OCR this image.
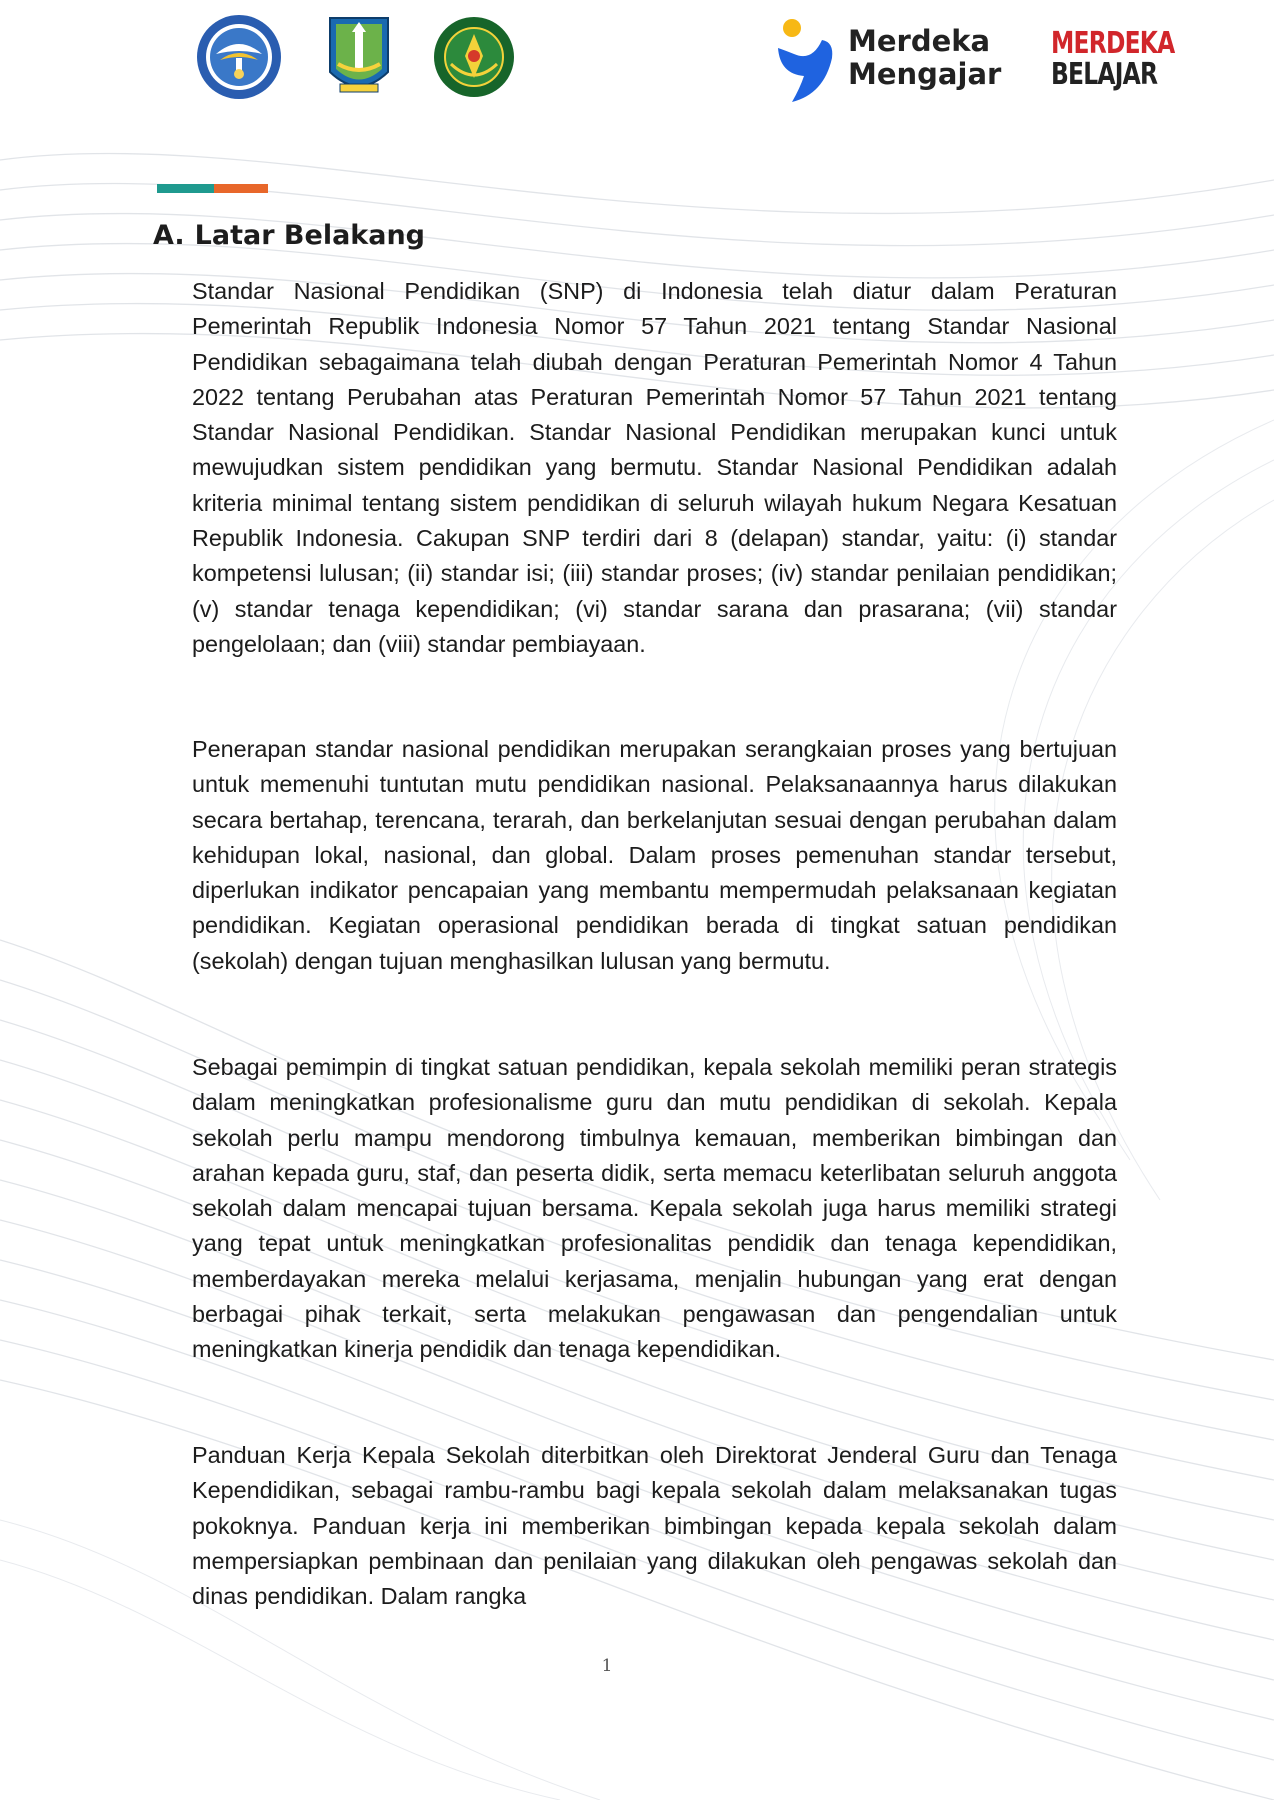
Merdeka
Mengajar
MERDEKA
BELAJAR
A. Latar Belakang

Standar Nasional Pendidikan (SNP) di Indonesia telah diatur dalam Peraturan Pemerintah Republik Indonesia Nomor 57 Tahun 2021 tentang Standar Nasional Pendidikan sebagaimana telah diubah dengan Peraturan Pemerintah Nomor 4 Tahun 2022 tentang Perubahan atas Peraturan Pemerintah Nomor 57 Tahun 2021 tentang Standar Nasional Pendidikan. Standar Nasional Pendidikan merupakan kunci untuk mewujudkan sistem pendidikan yang bermutu. Standar Nasional Pendidikan adalah kriteria minimal tentang sistem pendidikan di seluruh wilayah hukum Negara Kesatuan Republik Indonesia. Cakupan SNP terdiri dari 8 (delapan) standar, yaitu: (i) standar kompetensi lulusan; (ii) standar isi; (iii) standar proses; (iv) standar penilaian pendidikan; (v) standar tenaga kependidikan; (vi) standar sarana dan prasarana; (vii) standar pengelolaan; dan (viii) standar pembiayaan.

Penerapan standar nasional pendidikan merupakan serangkaian proses yang bertujuan untuk memenuhi tuntutan mutu pendidikan nasional. Pelaksanaannya harus dilakukan secara bertahap, terencana, terarah, dan berkelanjutan sesuai dengan perubahan dalam kehidupan lokal, nasional, dan global. Dalam proses pemenuhan standar tersebut, diperlukan indikator pencapaian yang membantu mempermudah pelaksanaan kegiatan pendidikan. Kegiatan operasional pendidikan berada di tingkat satuan pendidikan (sekolah) dengan tujuan menghasilkan lulusan yang bermutu.

Sebagai pemimpin di tingkat satuan pendidikan, kepala sekolah memiliki peran strategis dalam meningkatkan profesionalisme guru dan mutu pendidikan di sekolah. Kepala sekolah perlu mampu mendorong timbulnya kemauan, memberikan bimbingan dan arahan kepada guru, staf, dan peserta didik, serta memacu keterlibatan seluruh anggota sekolah dalam mencapai tujuan bersama. Kepala sekolah juga harus memiliki strategi yang tepat untuk meningkatkan profesionalitas pendidik dan tenaga kependidikan, memberdayakan mereka melalui kerjasama, menjalin hubungan yang erat dengan berbagai pihak terkait, serta melakukan pengawasan dan pengendalian untuk meningkatkan kinerja pendidik dan tenaga kependidikan.

Panduan Kerja Kepala Sekolah diterbitkan oleh Direktorat Jenderal Guru dan Tenaga Kependidikan, sebagai rambu-rambu bagi kepala sekolah dalam melaksanakan tugas pokoknya. Panduan kerja ini memberikan bimbingan kepada kepala sekolah dalam mempersiapkan pembinaan dan penilaian yang dilakukan oleh pengawas sekolah dan dinas pendidikan. Dalam rangka

1
